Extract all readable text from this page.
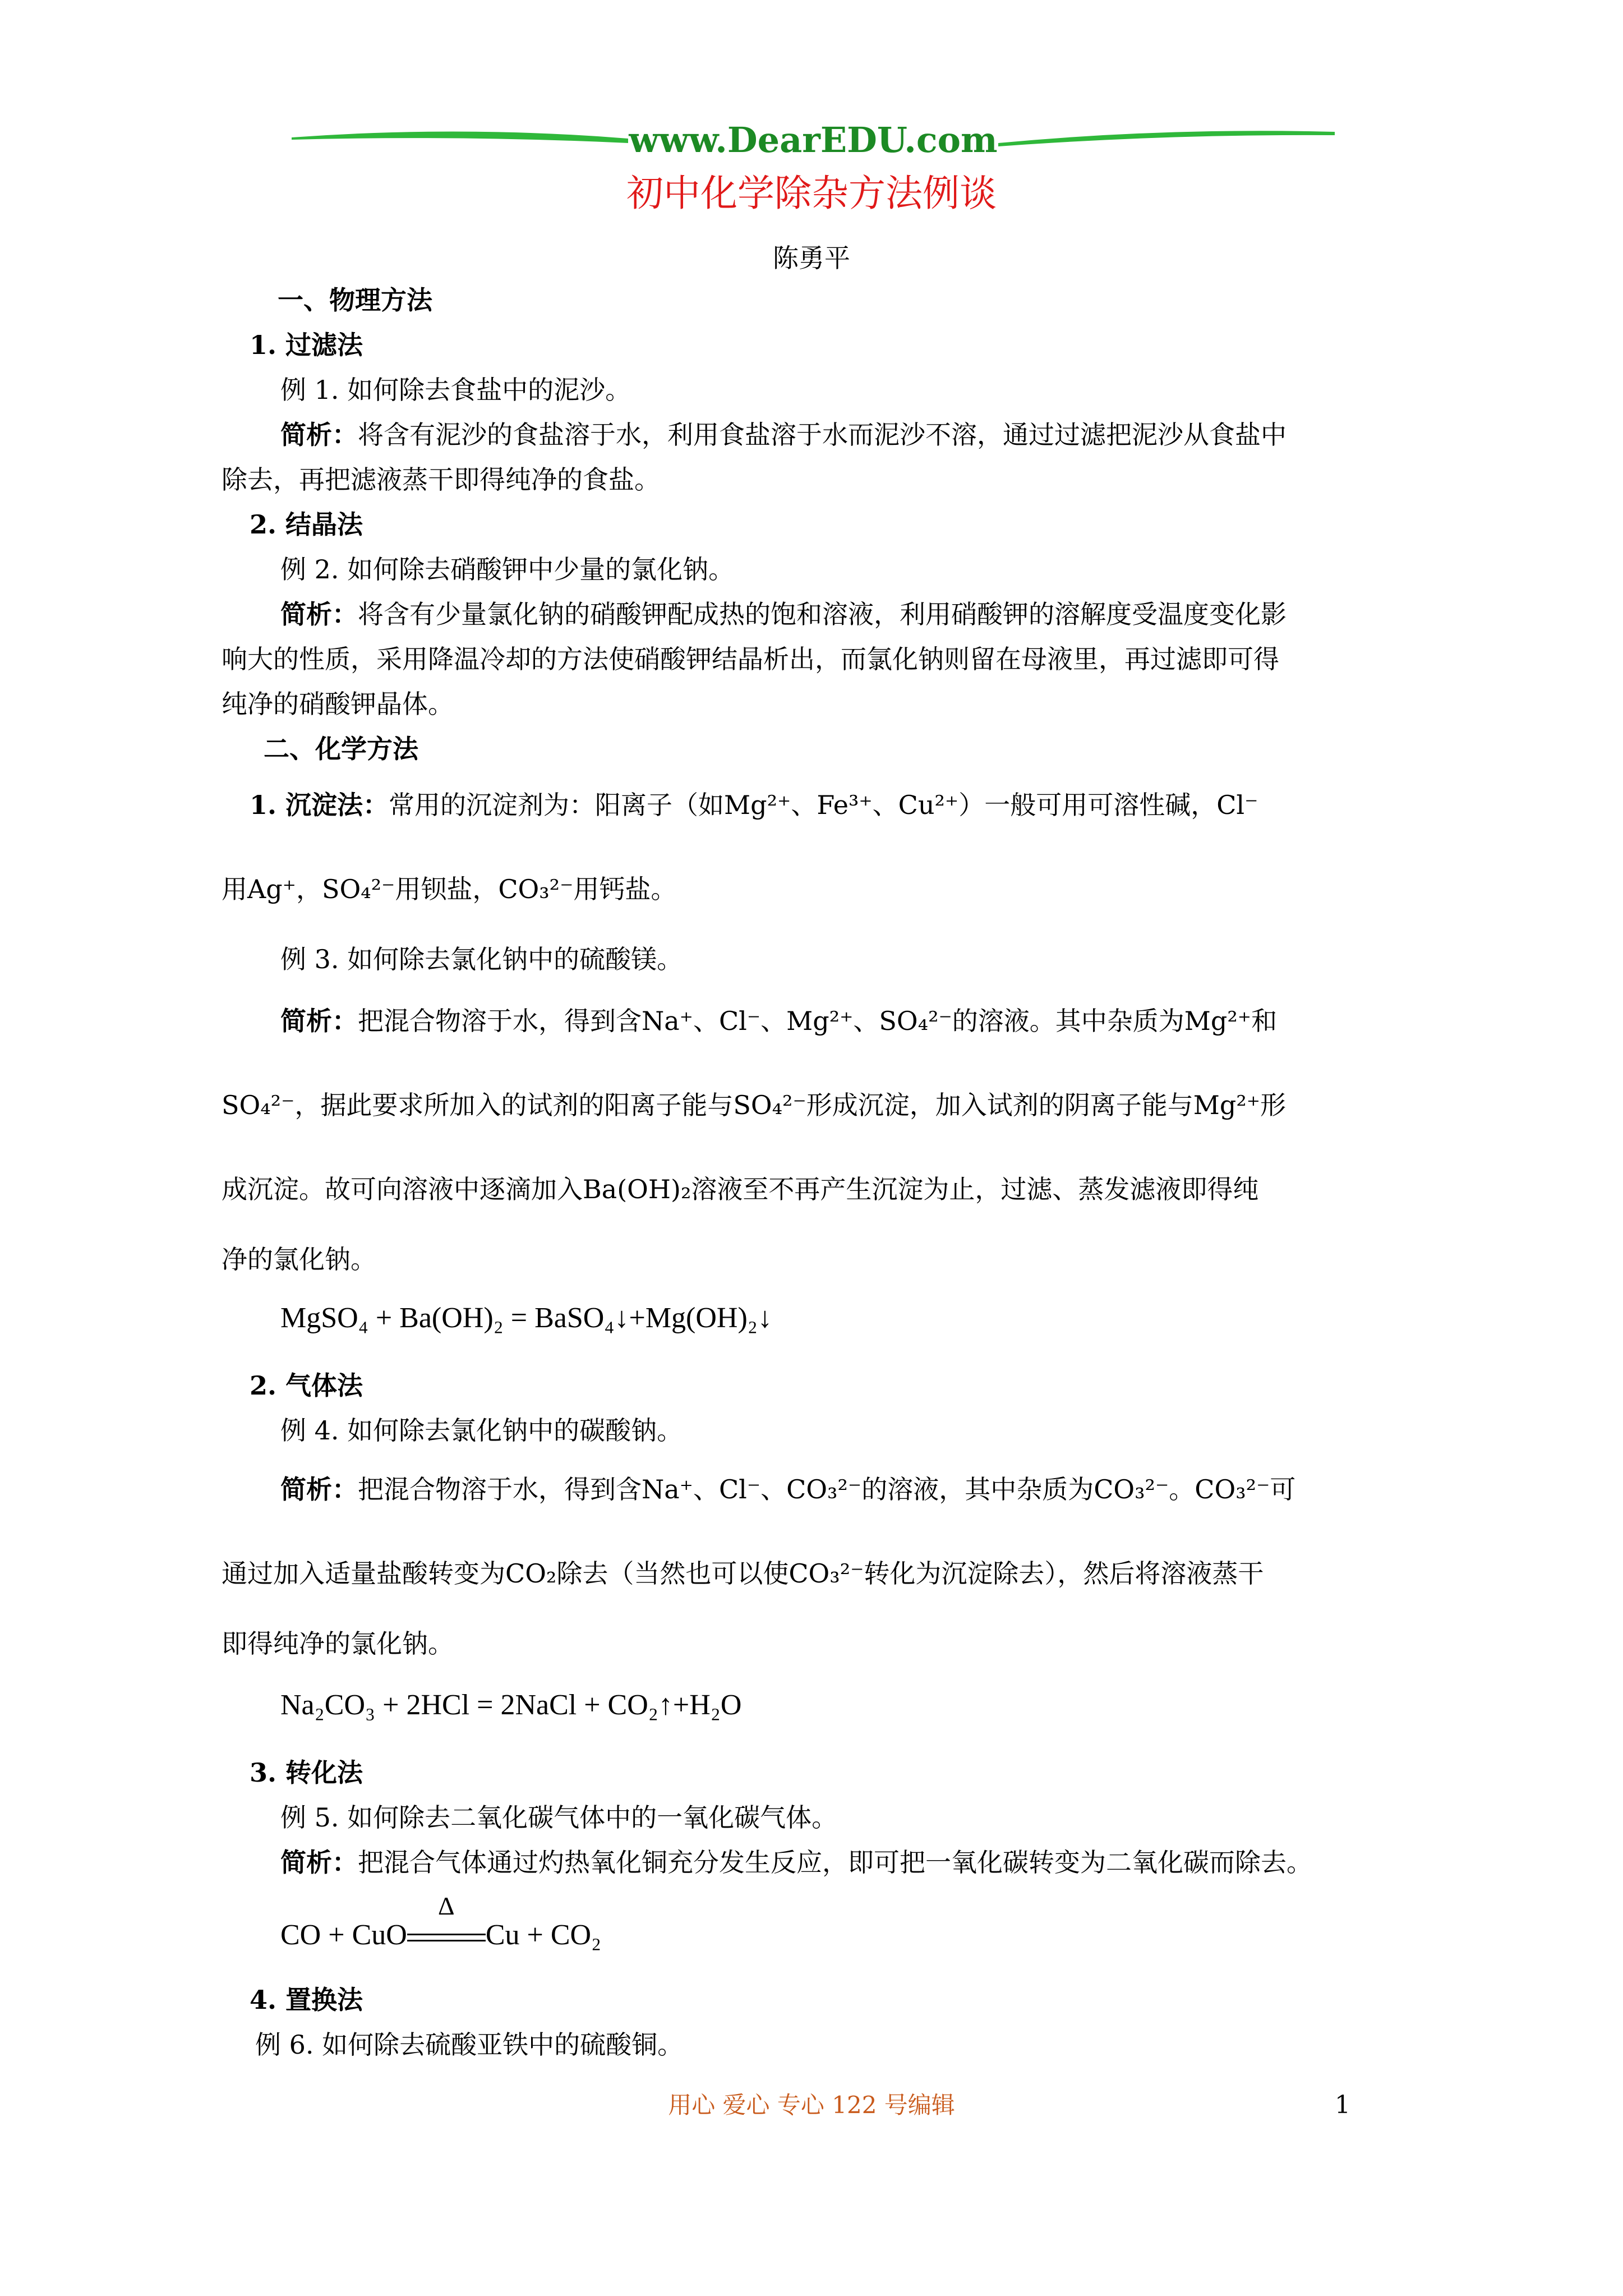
www.DearEDU.com
初中化学除杂方法例谈
陈勇平
一、物理方法
1. 过滤法
例 1. 如何除去食盐中的泥沙。
简析：将含有泥沙的食盐溶于水，利用食盐溶于水而泥沙不溶，通过过滤把泥沙从食盐中
除去，再把滤液蒸干即得纯净的食盐。
2. 结晶法
例 2. 如何除去硝酸钾中少量的氯化钠。
简析：将含有少量氯化钠的硝酸钾配成热的饱和溶液，利用硝酸钾的溶解度受温度变化影
响大的性质，采用降温冷却的方法使硝酸钾结晶析出，而氯化钠则留在母液里，再过滤即可得
纯净的硝酸钾晶体。
二、化学方法
1. 沉淀法：常用的沉淀剂为：阳离子（如Mg²⁺、Fe³⁺、Cu²⁺）一般可用可溶性碱，Cl⁻
用Ag⁺，SO₄²⁻用钡盐，CO₃²⁻用钙盐。
例 3. 如何除去氯化钠中的硫酸镁。
简析：把混合物溶于水，得到含Na⁺、Cl⁻、Mg²⁺、SO₄²⁻的溶液。其中杂质为Mg²⁺和
SO₄²⁻，据此要求所加入的试剂的阳离子能与SO₄²⁻形成沉淀，加入试剂的阴离子能与Mg²⁺形
成沉淀。故可向溶液中逐滴加入Ba(OH)₂溶液至不再产生沉淀为止，过滤、蒸发滤液即得纯
净的氯化钠。
MgSO₄ + Ba(OH)₂ = BaSO₄↓+Mg(OH)₂↓
2. 气体法
例 4. 如何除去氯化钠中的碳酸钠。
简析：把混合物溶于水，得到含Na⁺、Cl⁻、CO₃²⁻的溶液，其中杂质为CO₃²⁻。CO₃²⁻可
通过加入适量盐酸转变为CO₂除去（当然也可以使CO₃²⁻转化为沉淀除去），然后将溶液蒸干
即得纯净的氯化钠。
Na₂CO₃ + 2HCl = 2NaCl + CO₂↑+H₂O
3. 转化法
例 5. 如何除去二氧化碳气体中的一氧化碳气体。
简析：把混合气体通过灼热氧化铜充分发生反应，即可把一氧化碳转变为二氧化碳而除去。
CO + CuO
Δ
Cu + CO₂
4. 置换法
例 6. 如何除去硫酸亚铁中的硫酸铜。
用心 爱心 专心 122 号编辑	1
